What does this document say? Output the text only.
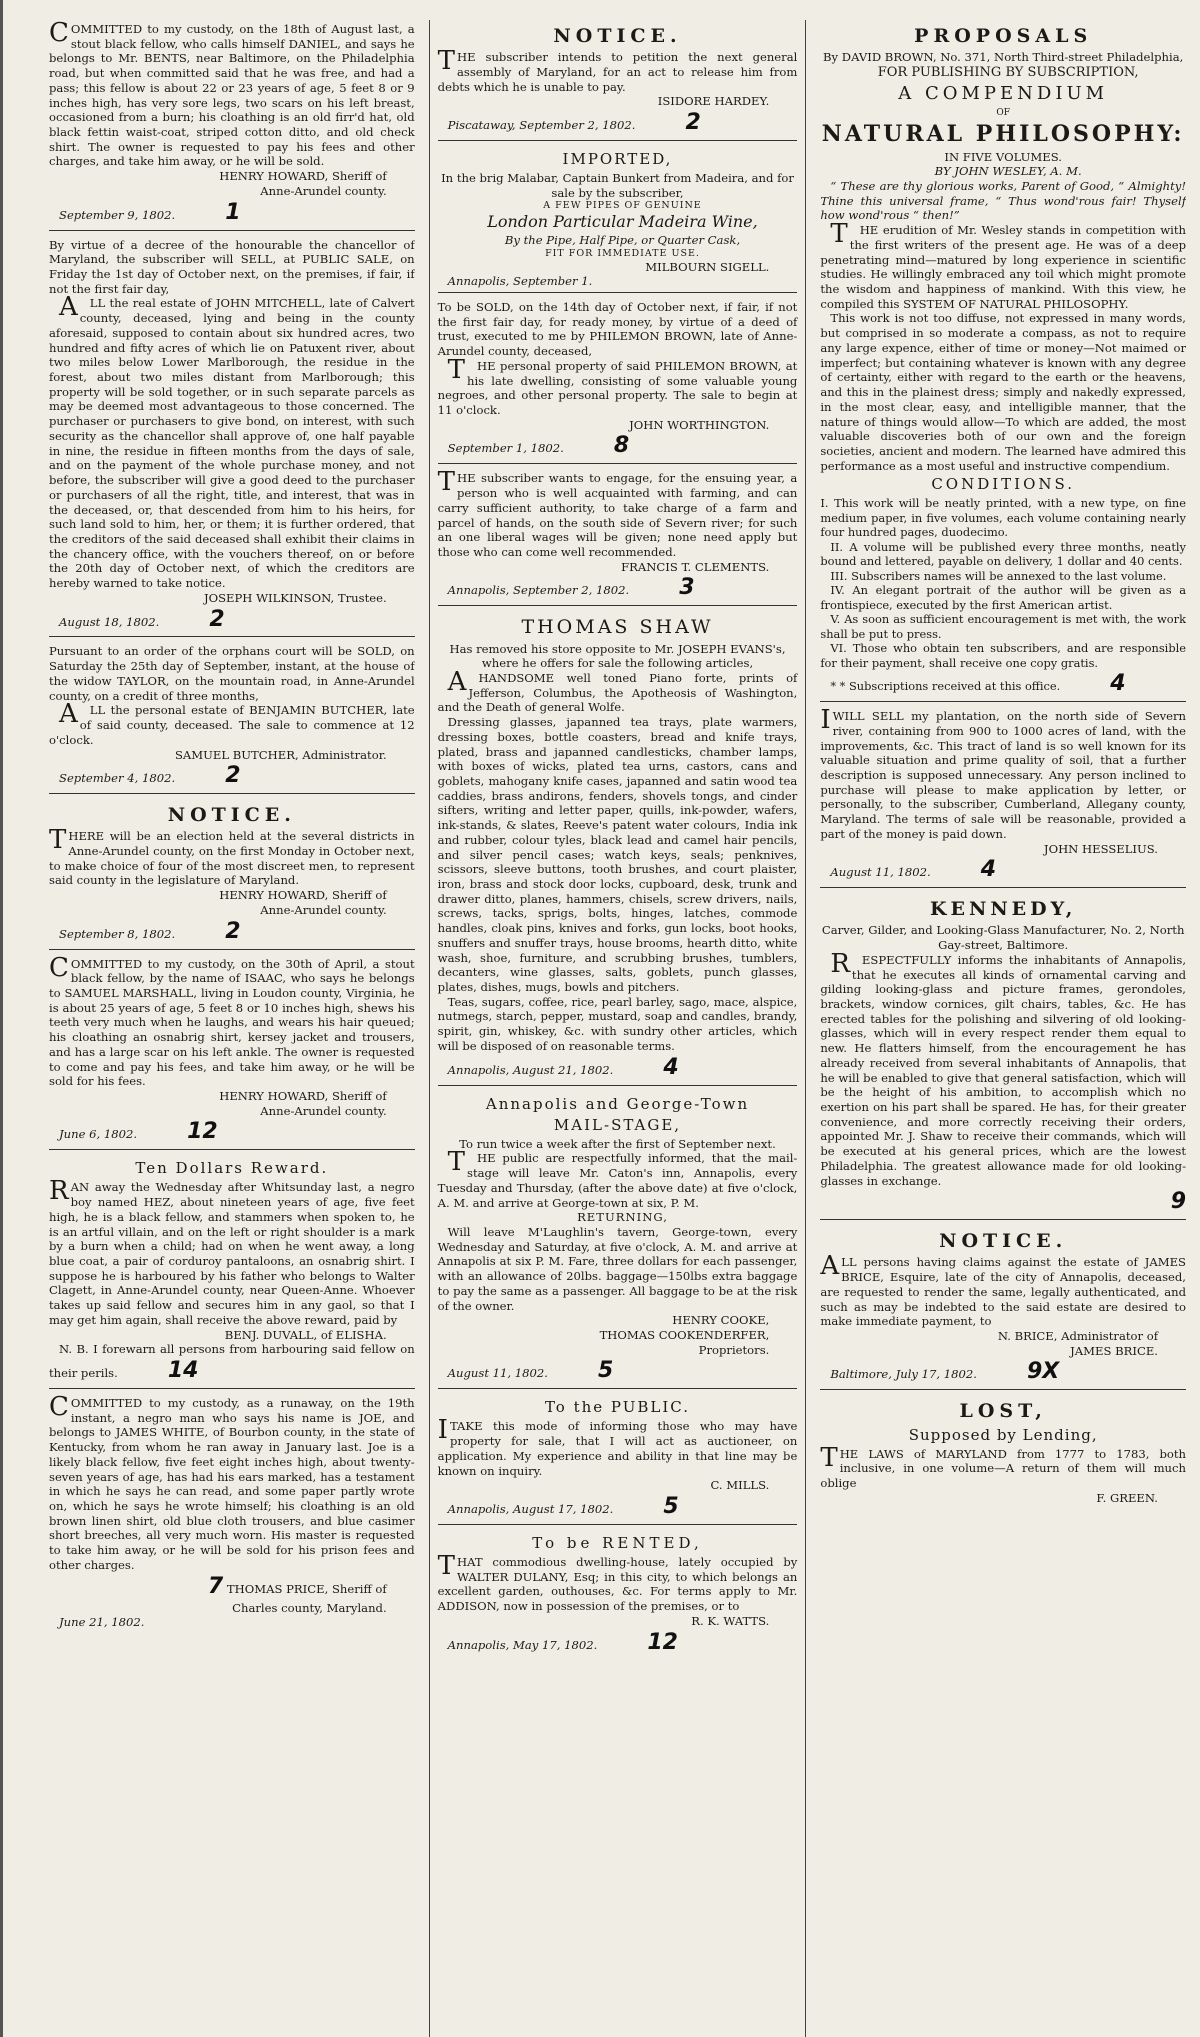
COMMITTED to my custody, on the 18th of August last, a stout black fellow, who calls himself DANIEL, and says he belongs to Mr. BENTS, near Baltimore, on the Philadelphia road, but when committed said that he was free, and had a pass; this fellow is about 22 or 23 years of age, 5 feet 8 or 9 inches high, has very sore legs, two scars on his left breast, occasioned from a burn; his cloathing is an old firr'd hat, old black fettin waist-coat, striped cotton ditto, and old check shirt. The owner is requested to pay his fees and other charges, and take him away, or he will be sold.

HENRY HOWARD, Sheriff of

Anne-Arundel county.

September 9, 1802. 1

By virtue of a decree of the honourable the chancellor of Maryland, the subscriber will SELL, at PUBLIC SALE, on Friday the 1st day of October next, on the premises, if fair, if not the first fair day,

ALL the real estate of JOHN MITCHELL, late of Calvert county, deceased, lying and being in the county aforesaid, supposed to contain about six hundred acres, two hundred and fifty acres of which lie on Patuxent river, about two miles below Lower Marlborough, the residue in the forest, about two miles distant from Marlborough; this property will be sold together, or in such separate parcels as may be deemed most advantageous to those concerned. The purchaser or purchasers to give bond, on interest, with such security as the chancellor shall approve of, one half payable in nine, the residue in fifteen months from the days of sale, and on the payment of the whole purchase money, and not before, the subscriber will give a good deed to the purchaser or purchasers of all the right, title, and interest, that was in the deceased, or, that descended from him to his heirs, for such land sold to him, her, or them; it is further ordered, that the creditors of the said deceased shall exhibit their claims in the chancery office, with the vouchers thereof, on or before the 20th day of October next, of which the creditors are hereby warned to take notice.

JOSEPH WILKINSON, Trustee.

August 18, 1802. 2

Pursuant to an order of the orphans court will be SOLD, on Saturday the 25th day of September, instant, at the house of the widow TAYLOR, on the mountain road, in Anne-Arundel county, on a credit of three months,

ALL the personal estate of BENJAMIN BUTCHER, late of said county, deceased. The sale to commence at 12 o'clock.

SAMUEL BUTCHER, Administrator.

September 4, 1802. 2

NOTICE.

THERE will be an election held at the several districts in Anne-Arundel county, on the first Monday in October next, to make choice of four of the most discreet men, to represent said county in the legislature of Maryland.

HENRY HOWARD, Sheriff of

Anne-Arundel county.

September 8, 1802. 2

COMMITTED to my custody, on the 30th of April, a stout black fellow, by the name of ISAAC, who says he belongs to SAMUEL MARSHALL, living in Loudon county, Virginia, he is about 25 years of age, 5 feet 8 or 10 inches high, shews his teeth very much when he laughs, and wears his hair queued; his cloathing an osnabrig shirt, kersey jacket and trousers, and has a large scar on his left ankle. The owner is requested to come and pay his fees, and take him away, or he will be sold for his fees.

HENRY HOWARD, Sheriff of

Anne-Arundel county.

June 6, 1802. 12

Ten Dollars Reward.

RAN away the Wednesday after Whitsunday last, a negro boy named HEZ, about nineteen years of age, five feet high, he is a black fellow, and stammers when spoken to, he is an artful villain, and on the left or right shoulder is a mark by a burn when a child; had on when he went away, a long blue coat, a pair of corduroy pantaloons, an osnabrig shirt. I suppose he is harboured by his father who belongs to Walter Clagett, in Anne-Arundel county, near Queen-Anne. Whoever takes up said fellow and secures him in any gaol, so that I may get him again, shall receive the above reward, paid by

BENJ. DUVALL, of ELISHA.

N. B. I forewarn all persons from harbouring said fellow on their perils. 14

COMMITTED to my custody, as a runaway, on the 19th instant, a negro man who says his name is JOE, and belongs to JAMES WHITE, of Bourbon county, in the state of Kentucky, from whom he ran away in January last. Joe is a likely black fellow, five feet eight inches high, about twenty-seven years of age, has had his ears marked, has a testament in which he says he can read, and some paper partly wrote on, which he says he wrote himself; his cloathing is an old brown linen shirt, old blue cloth trousers, and blue casimer short breeches, all very much worn. His master is requested to take him away, or he will be sold for his prison fees and other charges.

7 THOMAS PRICE, Sheriff of

Charles county, Maryland.

June 21, 1802.

NOTICE.

THE subscriber intends to petition the next general assembly of Maryland, for an act to release him from debts which he is unable to pay.

ISIDORE HARDEY.

Piscataway, September 2, 1802. 2

IMPORTED,

In the brig Malabar, Captain Bunkert from Madeira, and for sale by the subscriber,

A FEW PIPES OF GENUINE

London Particular Madeira Wine,

By the Pipe, Half Pipe, or Quarter Cask,

FIT FOR IMMEDIATE USE.

MILBOURN SIGELL.

Annapolis, September 1.

To be SOLD, on the 14th day of October next, if fair, if not the first fair day, for ready money, by virtue of a deed of trust, executed to me by PHILEMON BROWN, late of Anne-Arundel county, deceased,

THE personal property of said PHILEMON BROWN, at his late dwelling, consisting of some valuable young negroes, and other personal property. The sale to begin at 11 o'clock.

JOHN WORTHINGTON.

September 1, 1802. 8

THE subscriber wants to engage, for the ensuing year, a person who is well acquainted with farming, and can carry sufficient authority, to take charge of a farm and parcel of hands, on the south side of Severn river; for such an one liberal wages will be given; none need apply but those who can come well recommended.

FRANCIS T. CLEMENTS.

Annapolis, September 2, 1802. 3

THOMAS SHAW

Has removed his store opposite to Mr. JOSEPH EVANS's, where he offers for sale the following articles,

AHANDSOME well toned Piano forte, prints of Jefferson, Columbus, the Apotheosis of Washington, and the Death of general Wolfe.

Dressing glasses, japanned tea trays, plate warmers, dressing boxes, bottle coasters, bread and knife trays, plated, brass and japanned candlesticks, chamber lamps, with boxes of wicks, plated tea urns, castors, cans and goblets, mahogany knife cases, japanned and satin wood tea caddies, brass andirons, fenders, shovels tongs, and cinder sifters, writing and letter paper, quills, ink-powder, wafers, ink-stands, & slates, Reeve's patent water colours, India ink and rubber, colour tyles, black lead and camel hair pencils, and silver pencil cases; watch keys, seals; penknives, scissors, sleeve buttons, tooth brushes, and court plaister, iron, brass and stock door locks, cupboard, desk, trunk and drawer ditto, planes, hammers, chisels, screw drivers, nails, screws, tacks, sprigs, bolts, hinges, latches, commode handles, cloak pins, knives and forks, gun locks, boot hooks, snuffers and snuffer trays, house brooms, hearth ditto, white wash, shoe, furniture, and scrubbing brushes, tumblers, decanters, wine glasses, salts, goblets, punch glasses, plates, dishes, mugs, bowls and pitchers.

Teas, sugars, coffee, rice, pearl barley, sago, mace, alspice, nutmegs, starch, pepper, mustard, soap and candles, brandy, spirit, gin, whiskey, &c. with sundry other articles, which will be disposed of on reasonable terms.

Annapolis, August 21, 1802. 4

Annapolis and George-Town
MAIL-STAGE,

To run twice a week after the first of September next.

THE public are respectfully informed, that the mail-stage will leave Mr. Caton's inn, Annapolis, every Tuesday and Thursday, (after the above date) at five o'clock, A. M. and arrive at George-town at six, P. M.

RETURNING,

Will leave M'Laughlin's tavern, George-town, every Wednesday and Saturday, at five o'clock, A. M. and arrive at Annapolis at six P. M. Fare, three dollars for each passenger, with an allowance of 20lbs. baggage—150lbs extra baggage to pay the same as a passenger. All baggage to be at the risk of the owner.

HENRY COOKE,

THOMAS COOKENDERFER,

Proprietors.

August 11, 1802. 5

To the PUBLIC.

ITAKE this mode of informing those who may have property for sale, that I will act as auctioneer, on application. My experience and ability in that line may be known on inquiry.

C. MILLS.

Annapolis, August 17, 1802. 5

To be RENTED,

THAT commodious dwelling-house, lately occupied by WALTER DULANY, Esq; in this city, to which belongs an excellent garden, outhouses, &c. For terms apply to Mr. ADDISON, now in possession of the premises, or to

R. K. WATTS.

Annapolis, May 17, 1802. 12

PROPOSALS

By DAVID BROWN, No. 371, North Third-street Philadelphia,

FOR PUBLISHING BY SUBSCRIPTION,

A COMPENDIUM

OF

NATURAL PHILOSOPHY:

IN FIVE VOLUMES.

BY JOHN WESLEY, A. M.

“ These are thy glorious works, Parent of Good, “ Almighty! Thine this universal frame, “ Thus wond'rous fair! Thyself how wond'rous “ then!”

THE erudition of Mr. Wesley stands in competition with the first writers of the present age. He was of a deep penetrating mind—matured by long experience in scientific studies. He willingly embraced any toil which might promote the wisdom and happiness of mankind. With this view, he compiled this SYSTEM OF NATURAL PHILOSOPHY.

This work is not too diffuse, not expressed in many words, but comprised in so moderate a compass, as not to require any large expence, either of time or money—Not maimed or imperfect; but containing whatever is known with any degree of certainty, either with regard to the earth or the heavens, and this in the plainest dress; simply and nakedly expressed, in the most clear, easy, and intelligible manner, that the nature of things would allow—To which are added, the most valuable discoveries both of our own and the foreign societies, ancient and modern. The learned have admired this performance as a most useful and instructive compendium.

CONDITIONS.

I. This work will be neatly printed, with a new type, on fine medium paper, in five volumes, each volume containing nearly four hundred pages, duodecimo.

II. A volume will be published every three months, neatly bound and lettered, payable on delivery, 1 dollar and 40 cents.

III. Subscribers names will be annexed to the last volume.

IV. An elegant portrait of the author will be given as a frontispiece, executed by the first American artist.

V. As soon as sufficient encouragement is met with, the work shall be put to press.

VI. Those who obtain ten subscribers, and are responsible for their payment, shall receive one copy gratis.

* * Subscriptions received at this office. 4

IWILL SELL my plantation, on the north side of Severn river, containing from 900 to 1000 acres of land, with the improvements, &c. This tract of land is so well known for its valuable situation and prime quality of soil, that a further description is supposed unnecessary. Any person inclined to purchase will please to make application by letter, or personally, to the subscriber, Cumberland, Allegany county, Maryland. The terms of sale will be reasonable, provided a part of the money is paid down.

JOHN HESSELIUS.

August 11, 1802. 4

KENNEDY,

Carver, Gilder, and Looking-Glass Manufacturer, No. 2, North Gay-street, Baltimore.

RESPECTFULLY informs the inhabitants of Annapolis, that he executes all kinds of ornamental carving and gilding looking-glass and picture frames, gerondoles, brackets, window cornices, gilt chairs, tables, &c. He has erected tables for the polishing and silvering of old looking-glasses, which will in every respect render them equal to new. He flatters himself, from the encouragement he has already received from several inhabitants of Annapolis, that he will be enabled to give that general satisfaction, which will be the height of his ambition, to accomplish which no exertion on his part shall be spared. He has, for their greater convenience, and more correctly receiving their orders, appointed Mr. J. Shaw to receive their commands, which will be executed at his general prices, which are the lowest Philadelphia. The greatest allowance made for old looking-glasses in exchange.

9

NOTICE.

ALL persons having claims against the estate of JAMES BRICE, Esquire, late of the city of Annapolis, deceased, are requested to render the same, legally authenticated, and such as may be indebted to the said estate are desired to make immediate payment, to

N. BRICE, Administrator of

JAMES BRICE.

Baltimore, July 17, 1802. 9X

LOST,
Supposed by Lending,

THE LAWS of MARYLAND from 1777 to 1783, both inclusive, in one volume—A return of them will much oblige

F. GREEN.
